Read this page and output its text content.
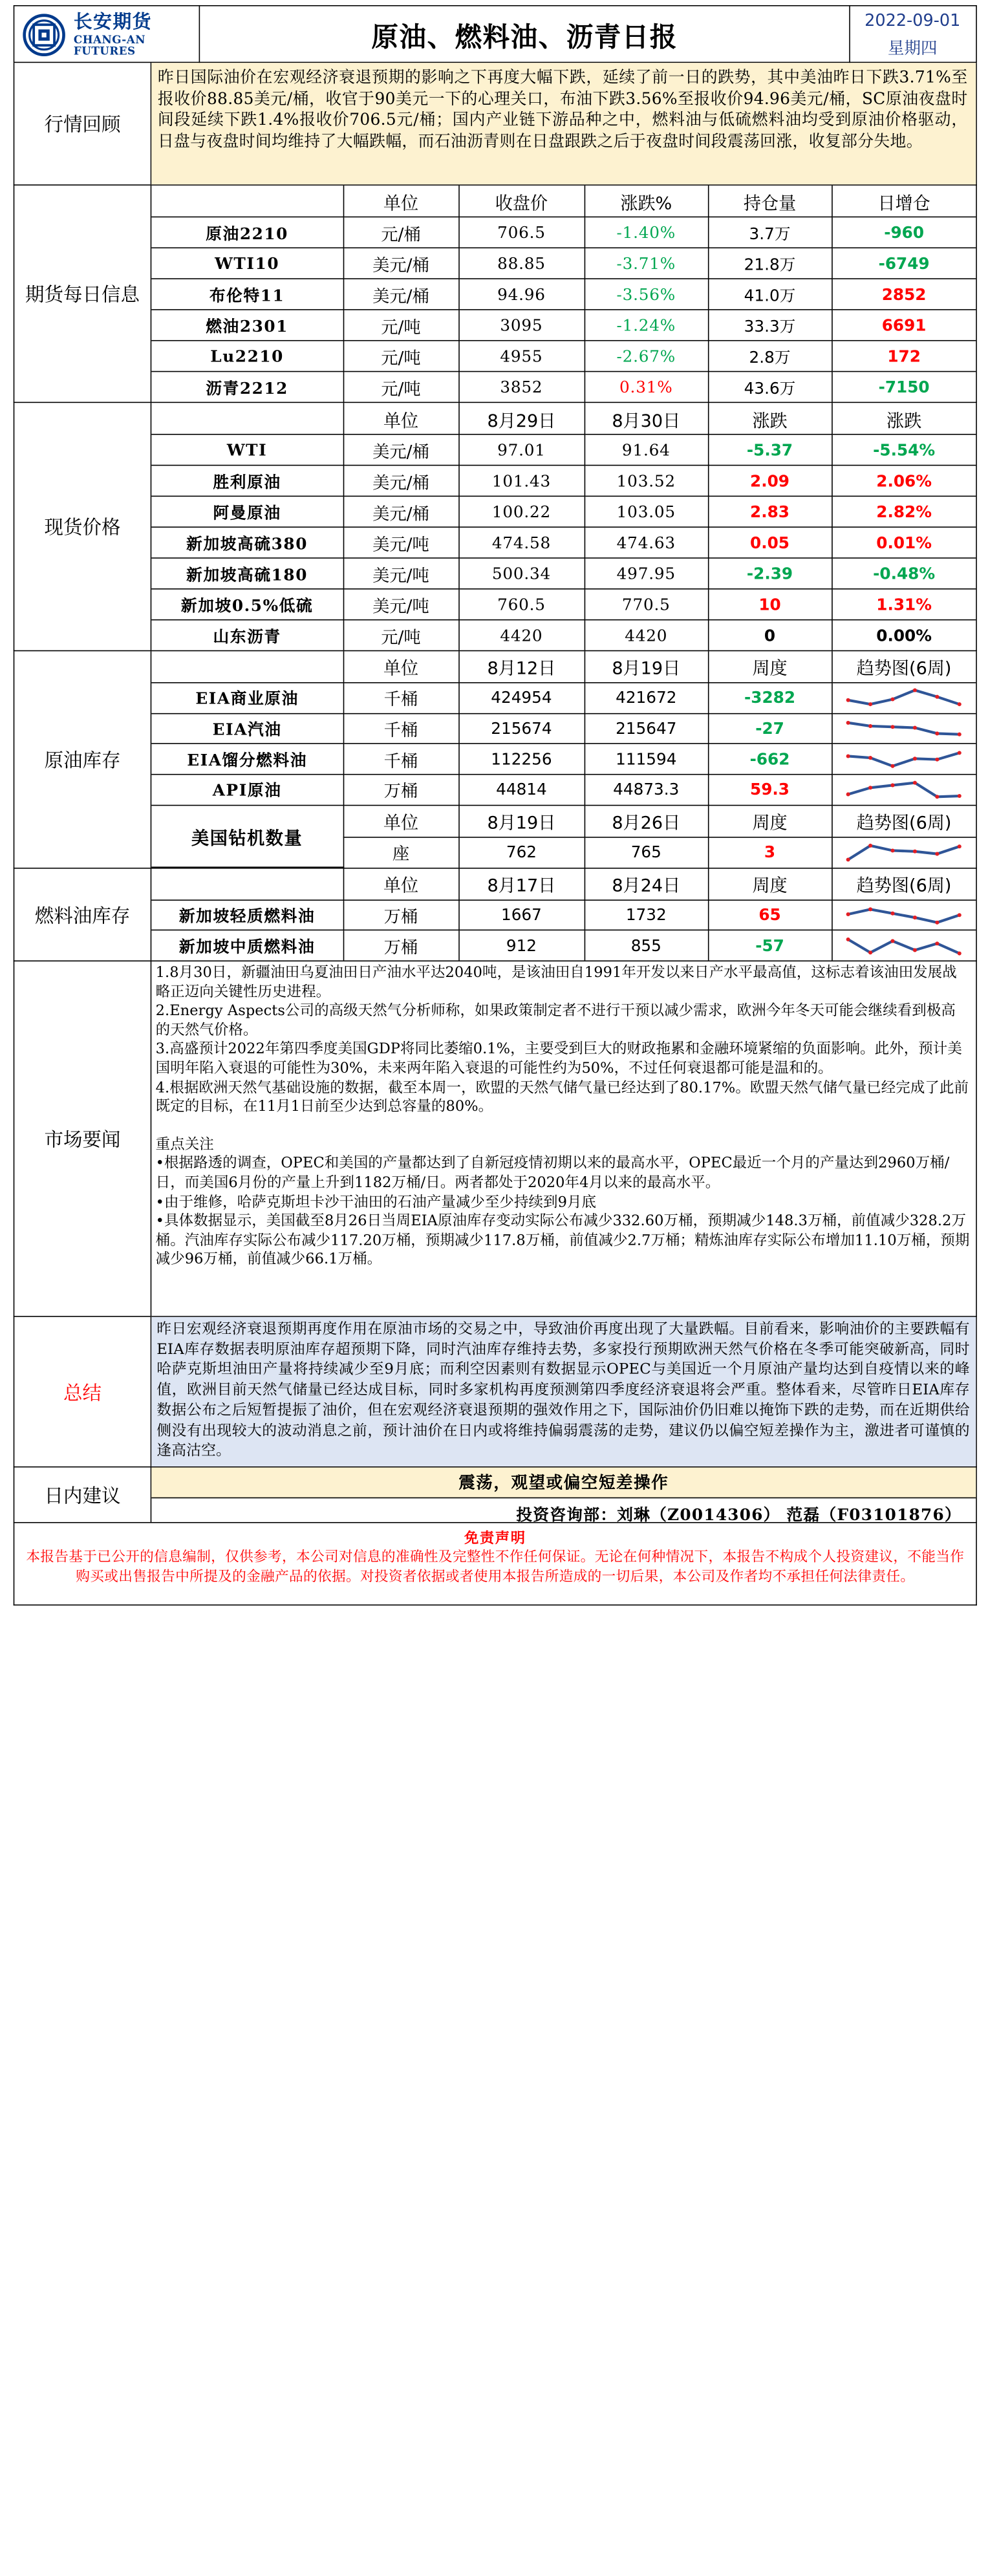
长安期货
CHANG-AN FUTURES	原油、燃料油、沥青日报
2022-09-01
星期四
行情回顾
昨日国际油价在宏观经济衰退预期的影响之下再度大幅下跌，延续了前一日的跌势，其中美油昨日下跌3.71%至报收价88.85美元/桶，收官于90美元一下的心理关口，布油下跌3.56%至报收价94.96美元/桶，SC原油夜盘时间段延续下跌1.4%报收价706.5元/桶；国内产业链下游品种之中，燃料油与低硫燃料油均受到原油价格驱动，日盘与夜盘时间均维持了大幅跌幅，而石油沥青则在日盘跟跌之后于夜盘时间段震荡回涨，收复部分失地。
期货每日信息
	单位	收盘价	涨跌%	持仓量	日增仓
原油2210	元/桶	706.5	-1.40%	3.7万	-960
WTI10	美元/桶	88.85	-3.71%	21.8万	-6749
布伦特11	美元/桶	94.96	-3.56%	41.0万	2852
燃油2301	元/吨	3095	-1.24%	33.3万	6691
Lu2210	元/吨	4955	-2.67%	2.8万	172
沥青2212	元/吨	3852	0.31%	43.6万	-7150
现货价格
	单位	8月29日	8月30日	涨跌	涨跌
WTI	美元/桶	97.01	91.64	-5.37	-5.54%
胜利原油	美元/桶	101.43	103.52	2.09	2.06%
阿曼原油	美元/桶	100.22	103.05	2.83	2.82%
新加坡高硫380	美元/吨	474.58	474.63	0.05	0.01%
新加坡高硫180	美元/吨	500.34	497.95	-2.39	-0.48%
新加坡0.5%低硫	美元/吨	760.5	770.5	10	1.31%
山东沥青	元/吨	4420	4420	0	0.00%
原油库存
	单位	8月12日	8月19日	周度	趋势图(6周)
EIA商业原油	千桶	424954	421672	-3282	

EIA汽油	千桶	215674	215647	-27	

EIA馏分燃料油	千桶	112256	111594	-662	

API原油	万桶	44814	44873.3	59.3	

美国钻机数量	单位	8月19日	8月26日	周度	趋势图(6周)
	座	762	765	3	
燃料油库存
	单位	8月17日	8月24日	周度	趋势图(6周)
新加坡轻质燃料油	万桶	1667	1732	65	

新加坡中质燃料油	万桶	912	855	-57	
市场要闻

1.8月30日，新疆油田乌夏油田日产油水平达2040吨，是该油田自1991年开发以来日产水平最高值，这标志着该油田发展战略正迈向关键性历史进程。

2.Energy Aspects公司的高级天然气分析师称，如果政策制定者不进行干预以减少需求，欧洲今年冬天可能会继续看到极高的天然气价格。

3.高盛预计2022年第四季度美国GDP将同比萎缩0.1%，主要受到巨大的财政拖累和金融环境紧缩的负面影响。此外，预计美国明年陷入衰退的可能性为30%，未来两年陷入衰退的可能性约为50%，不过任何衰退都可能是温和的。

4.根据欧洲天然气基础设施的数据，截至本周一，欧盟的天然气储气量已经达到了80.17%。欧盟天然气储气量已经完成了此前既定的目标，在11月1日前至少达到总容量的80%。

重点关注

•根据路透的调查，OPEC和美国的产量都达到了自新冠疫情初期以来的最高水平，OPEC最近一个月的产量达到2960万桶/日，而美国6月份的产量上升到1182万桶/日。两者都处于2020年4月以来的最高水平。

•由于维修，哈萨克斯坦卡沙干油田的石油产量减少至少持续到9月底

•具体数据显示，美国截至8月26日当周EIA原油库存变动实际公布减少332.60万桶，预期减少148.3万桶，前值减少328.2万桶。汽油库存实际公布减少117.20万桶，预期减少117.8万桶，前值减少2.7万桶；精炼油库存实际公布增加11.10万桶，预期减少96万桶，前值减少66.1万桶。

总结
昨日宏观经济衰退预期再度作用在原油市场的交易之中，导致油价再度出现了大量跌幅。目前看来，影响油价的主要跌幅有EIA库存数据表明原油库存超预期下降，同时汽油库存维持去势，多家投行预期欧洲天然气价格在冬季可能突破新高，同时哈萨克斯坦油田产量将持续减少至9月底；而利空因素则有数据显示OPEC与美国近一个月原油产量均达到自疫情以来的峰值，欧洲目前天然气储量已经达成目标，同时多家机构再度预测第四季度经济衰退将会严重。整体看来，尽管昨日EIA库存数据公布之后短暂提振了油价，但在宏观经济衰退预期的强效作用之下，国际油价仍旧难以掩饰下跌的走势，而在近期供给侧没有出现较大的波动消息之前，预计油价在日内或将维持偏弱震荡的走势，建议仍以偏空短差操作为主，激进者可谨慎的逢高沽空。
日内建议
震荡，观望或偏空短差操作
投资咨询部：刘琳（Z0014306） 范磊（F03101876）
免责声明
本报告基于已公开的信息编制，仅供参考，本公司对信息的准确性及完整性不作任何保证。无论在何种情况下，本报告不构成个人投资建议，不能当作购买或出售报告中所提及的金融产品的依据。对投资者依据或者使用本报告所造成的一切后果，本公司及作者均不承担任何法律责任。
